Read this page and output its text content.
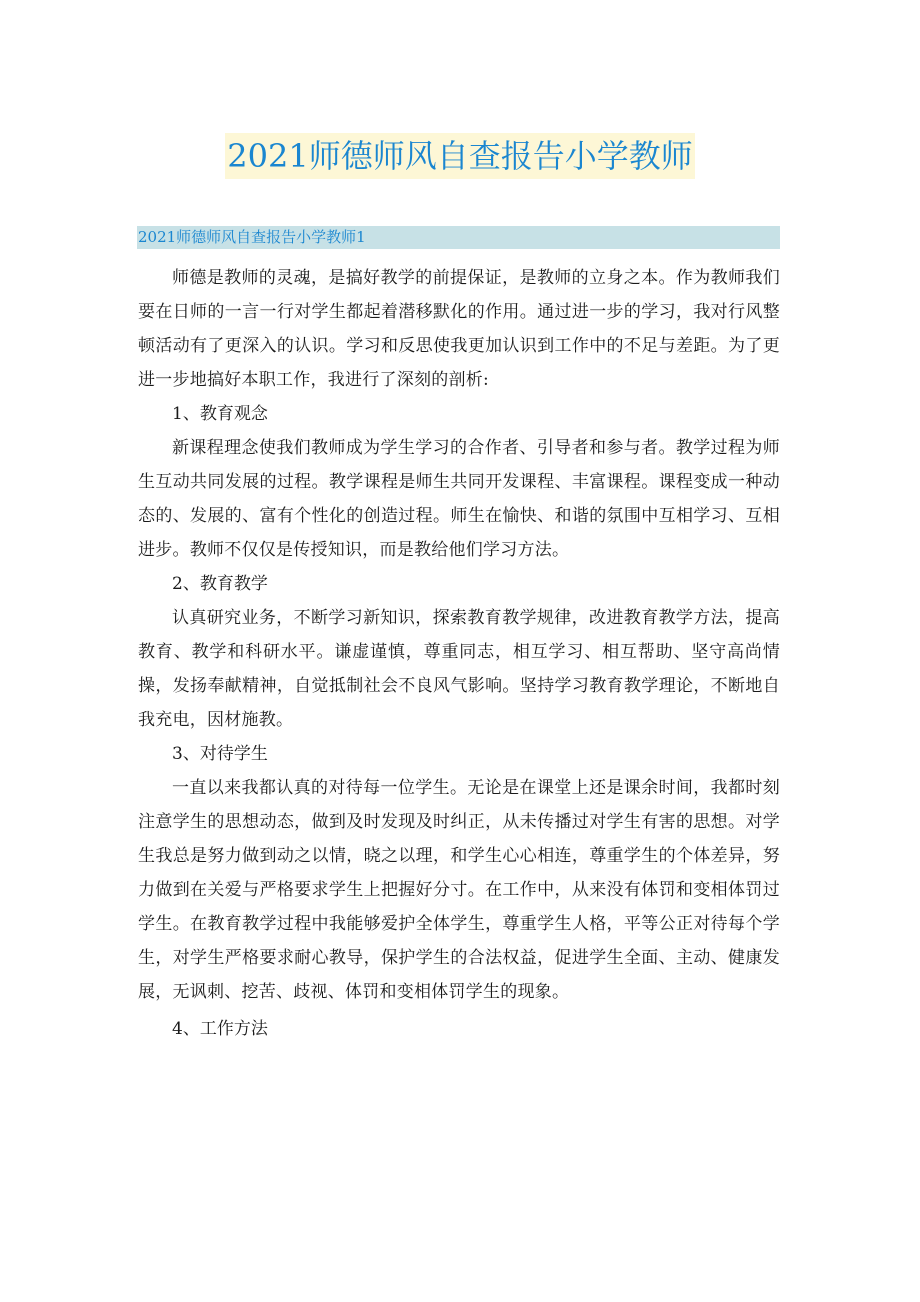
2021师德师风自查报告小学教师
2021师德师风自查报告小学教师1

师德是教师的灵魂，是搞好教学的前提保证，是教师的立身之本。作为教师我们要在日师的一言一行对学生都起着潜移默化的作用。通过进一步的学习，我对行风整顿活动有了更深入的认识。学习和反思使我更加认识到工作中的不足与差距。为了更进一步地搞好本职工作，我进行了深刻的剖析:

1、教育观念

新课程理念使我们教师成为学生学习的合作者、引导者和参与者。教学过程为师生互动共同发展的过程。教学课程是师生共同开发课程、丰富课程。课程变成一种动态的、发展的、富有个性化的创造过程。师生在愉快、和谐的氛围中互相学习、互相进步。教师不仅仅是传授知识，而是教给他们学习方法。

2、教育教学

认真研究业务，不断学习新知识，探索教育教学规律，改进教育教学方法，提高教育、教学和科研水平。谦虚谨慎，尊重同志，相互学习、相互帮助、坚守高尚情操，发扬奉献精神，自觉抵制社会不良风气影响。坚持学习教育教学理论，不断地自我充电，因材施教。

3、对待学生

一直以来我都认真的对待每一位学生。无论是在课堂上还是课余时间，我都时刻注意学生的思想动态，做到及时发现及时纠正，从未传播过对学生有害的思想。对学生我总是努力做到动之以情，晓之以理，和学生心心相连，尊重学生的个体差异，努力做到在关爱与严格要求学生上把握好分寸。在工作中，从来没有体罚和变相体罚过学生。在教育教学过程中我能够爱护全体学生，尊重学生人格，平等公正对待每个学生，对学生严格要求耐心教导，保护学生的合法权益，促进学生全面、主动、健康发展，无讽刺、挖苦、歧视、体罚和变相体罚学生的现象。

4、工作方法
